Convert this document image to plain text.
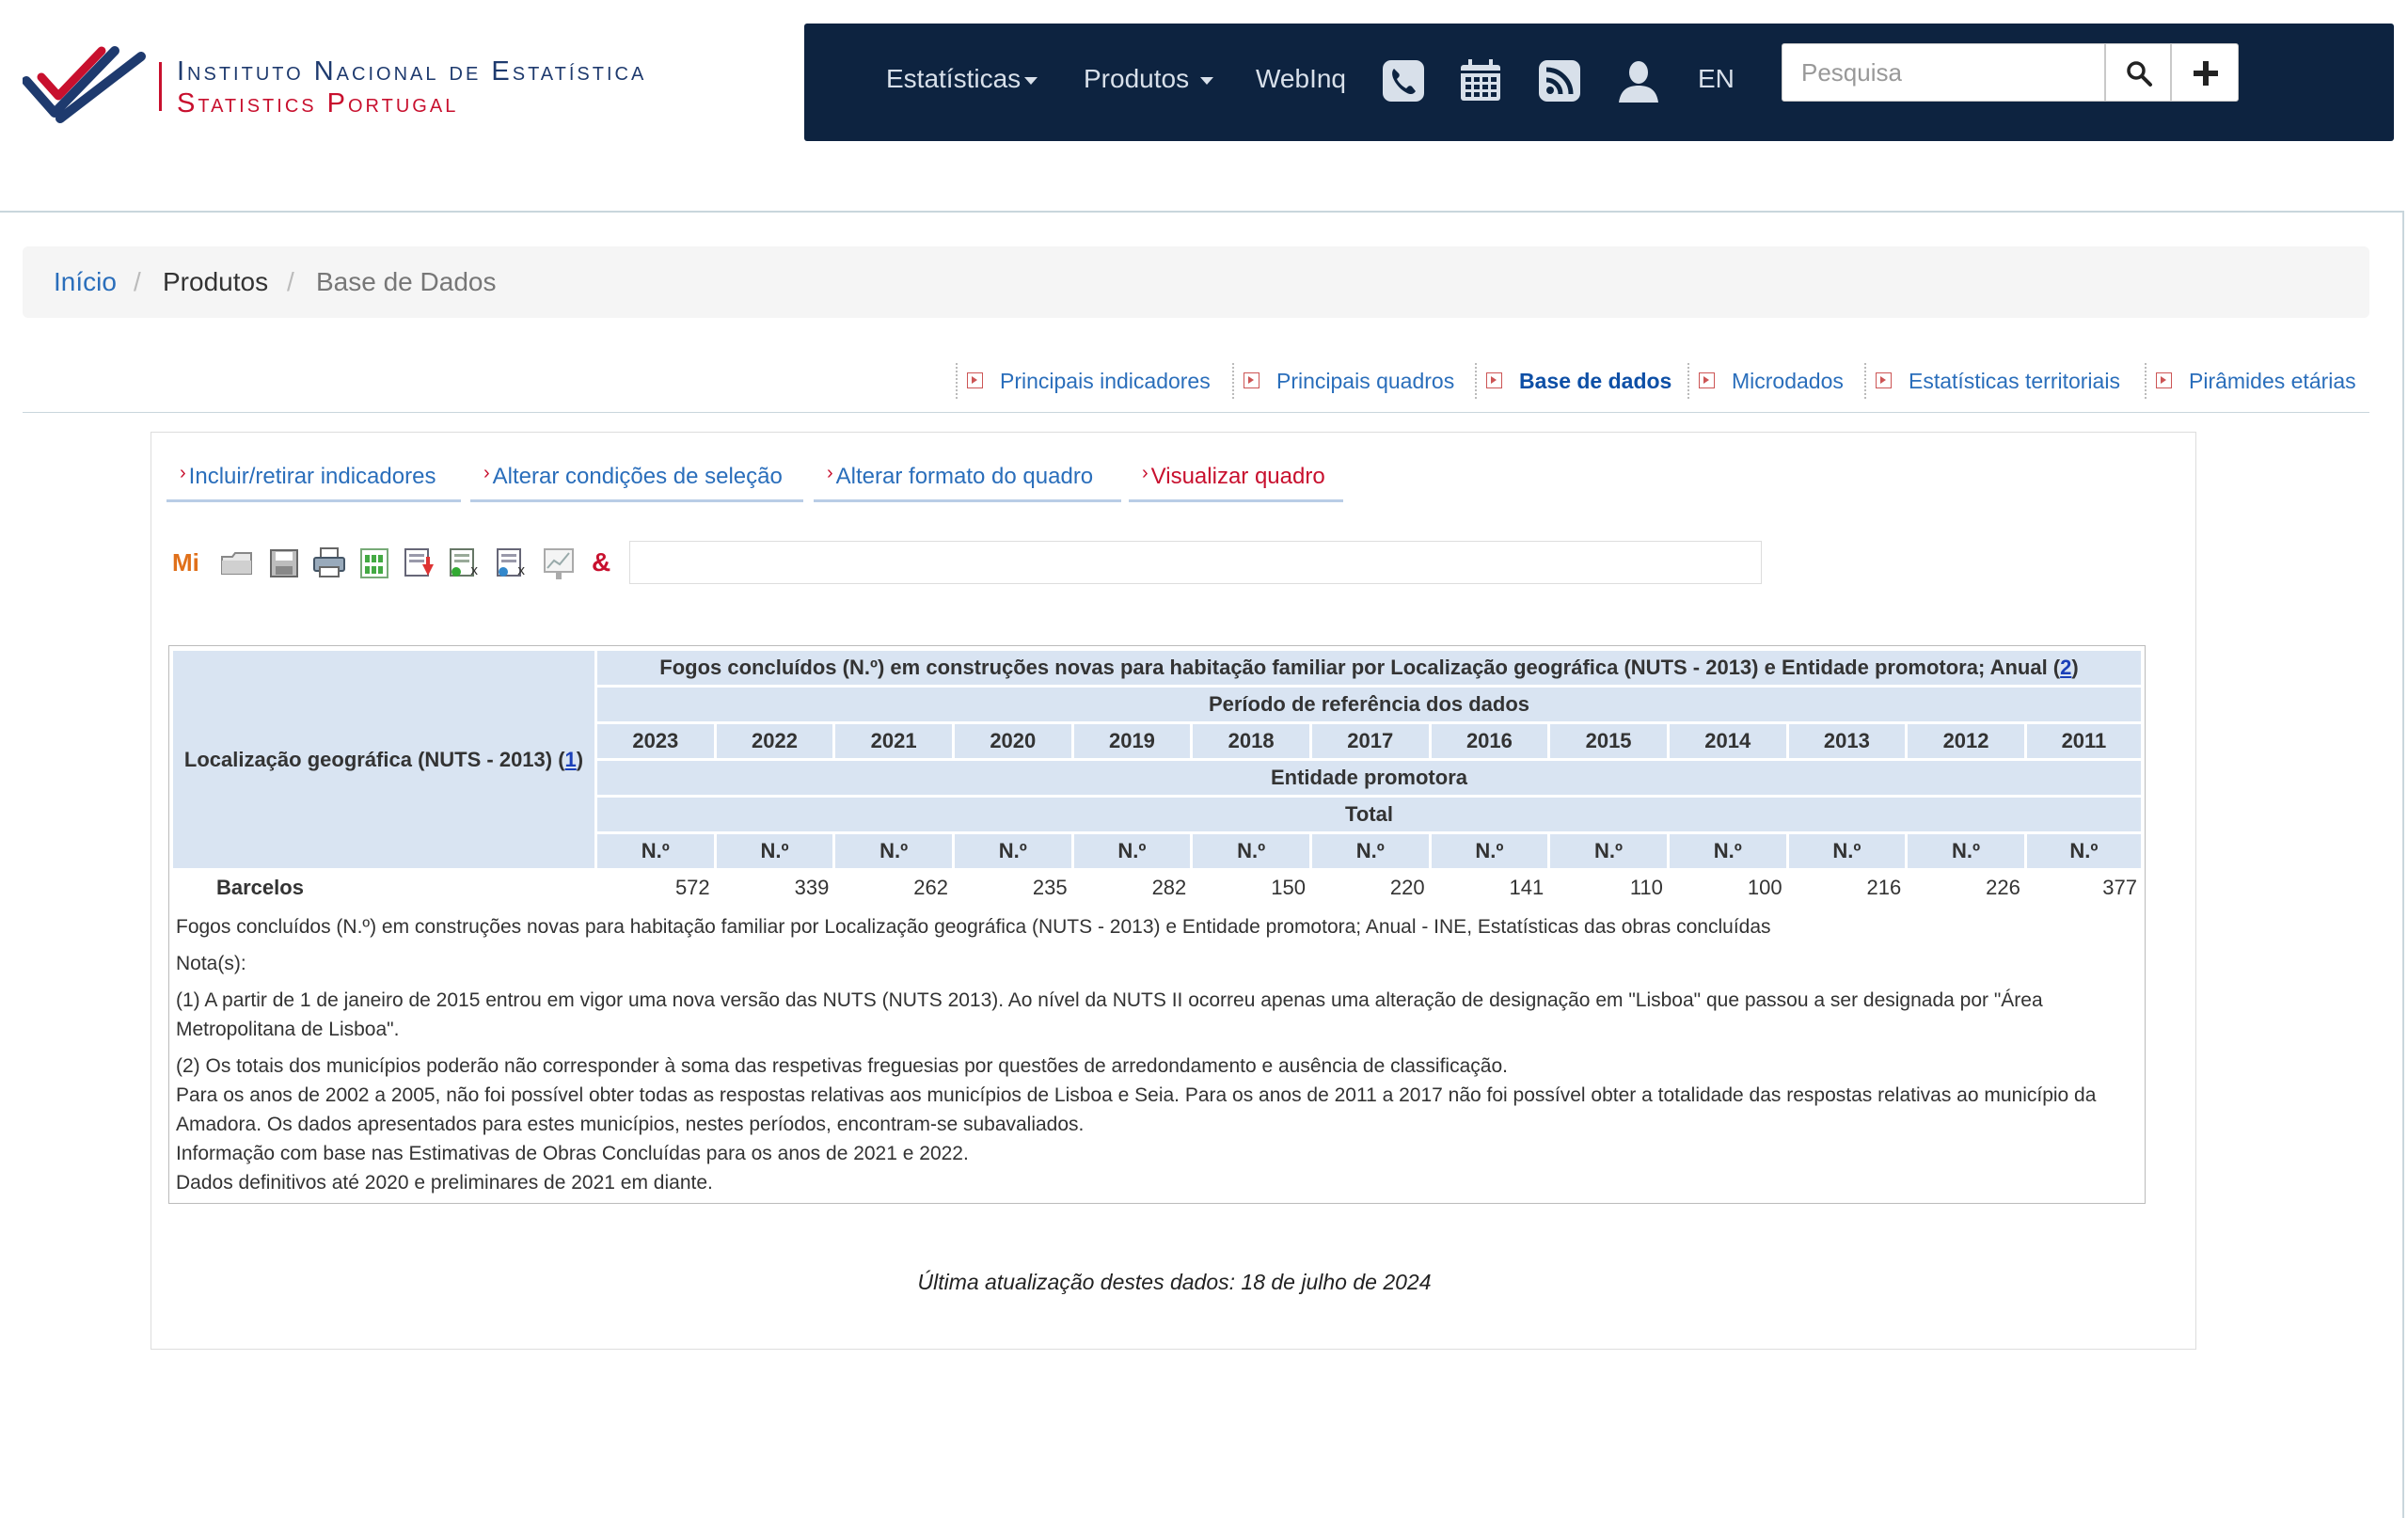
Instituto Nacional de Estatística
Statistics Portugal
Estatísticas	Produtos	WebInq	EN
Pesquisa
Início / Produtos / Base de Dados
Principais indicadores	Principais quadros	Base de dados	Microdados	Estatísticas territoriais	Pirâmides etárias
› Incluir/retirar indicadores	› Alterar condições de seleção	› Alterar formato do quadro	› Visualizar quadro
Mi	x	x	&
Localização geográfica (NUTS - 2013) (1)	Fogos concluídos (N.º) em construções novas para habitação familiar por Localização geográfica (NUTS - 2013) e Entidade promotora; Anual (2)												
	Período de referência dos dados												
	2023	2022	2021	2020	2019	2018	2017	2016	2015	2014	2013	2012	2011
	Entidade promotora												
	Total												
	N.º	N.º	N.º	N.º	N.º	N.º	N.º	N.º	N.º	N.º	N.º	N.º	N.º
Barcelos	572	339	262	235	282	150	220	141	110	100	216	226	377

Fogos concluídos (N.º) em construções novas para habitação familiar por Localização geográfica (NUTS - 2013) e Entidade promotora; Anual - INE, Estatísticas das obras concluídas

Nota(s):

(1) A partir de 1 de janeiro de 2015 entrou em vigor uma nova versão das NUTS (NUTS 2013). Ao nível da NUTS II ocorreu apenas uma alteração de designação em "Lisboa" que passou a ser designada por "Área Metropolitana de Lisboa".

(2) Os totais dos municípios poderão não corresponder à soma das respetivas freguesias por questões de arredondamento e ausência de classificação.

Para os anos de 2002 a 2005, não foi possível obter todas as respostas relativas aos municípios de Lisboa e Seia. Para os anos de 2011 a 2017 não foi possível obter a totalidade das respostas relativas ao município da Amadora. Os dados apresentados para estes municípios, nestes períodos, encontram-se subavaliados.

Informação com base nas Estimativas de Obras Concluídas para os anos de 2021 e 2022.

Dados definitivos até 2020 e preliminares de 2021 em diante.

Última atualização destes dados: 18 de julho de 2024
